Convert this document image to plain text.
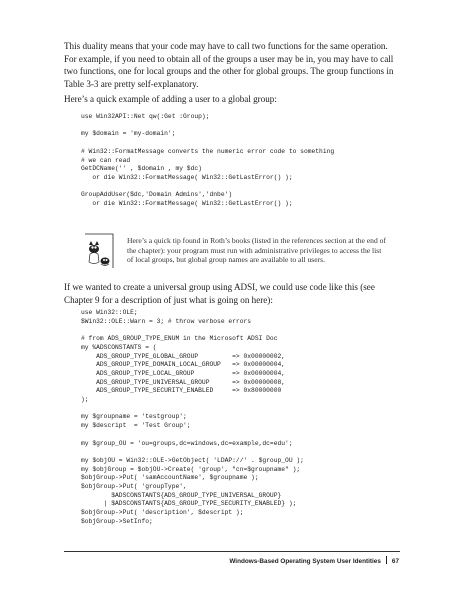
This duality means that your code may have to call two functions for the same operation. For example, if you need to obtain all of the groups a user may be in, you may have to call two functions, one for local groups and the other for global groups. The group functions in Table 3-3 are pretty self-explanatory.

Here’s a quick example of adding a user to a global group:

use Win32API::Net qw(:Get :Group);

my $domain = 'my-domain';

# Win32::FormatMessage converts the numeric error code to something
# we can read
GetDCName('' , $domain , my $dc)
or die Win32::FormatMessage( Win32::GetLastError() );

GroupAddUser($dc,'Domain Admins','dnbe')
or die Win32::FormatMessage( Win32::GetLastError() );
Here’s a quick tip found in Roth’s books (listed in the references section at the end of the chapter): your program must run with administrative privileges to access the list of local groups, but global group names are available to all users.

If we wanted to create a universal group using ADSI, we could use code like this (see Chapter 9 for a description of just what is going on here):

use Win32::OLE;
$Win32::OLE::Warn = 3; # throw verbose errors

# from ADS_GROUP_TYPE_ENUM in the Microsoft ADSI Doc
my %ADSCONSTANTS = (
ADS_GROUP_TYPE_GLOBAL_GROUP         => 0x00000002,
ADS_GROUP_TYPE_DOMAIN_LOCAL_GROUP   => 0x00000004,
ADS_GROUP_TYPE_LOCAL_GROUP          => 0x00000004,
ADS_GROUP_TYPE_UNIVERSAL_GROUP      => 0x00000008,
ADS_GROUP_TYPE_SECURITY_ENABLED     => 0x80000000
);

my $groupname = 'testgroup';
my $descript  = 'Test Group';

my $group_OU = 'ou=groups,dc=windows,dc=example,dc=edu';

my $objOU = Win32::OLE->GetObject( 'LDAP://' . $group_OU );
my $objGroup = $objOU->Create( 'group', "cn=$groupname" );
$objGroup->Put( 'samAccountName', $groupname );
$objGroup->Put( 'groupType',
$ADSCONSTANTS{ADS_GROUP_TYPE_UNIVERSAL_GROUP}
| $ADSCONSTANTS{ADS_GROUP_TYPE_SECURITY_ENABLED} );
$objGroup->Put( 'description', $descript );
$objGroup->SetInfo;
Windows-Based Operating System User Identities 67
